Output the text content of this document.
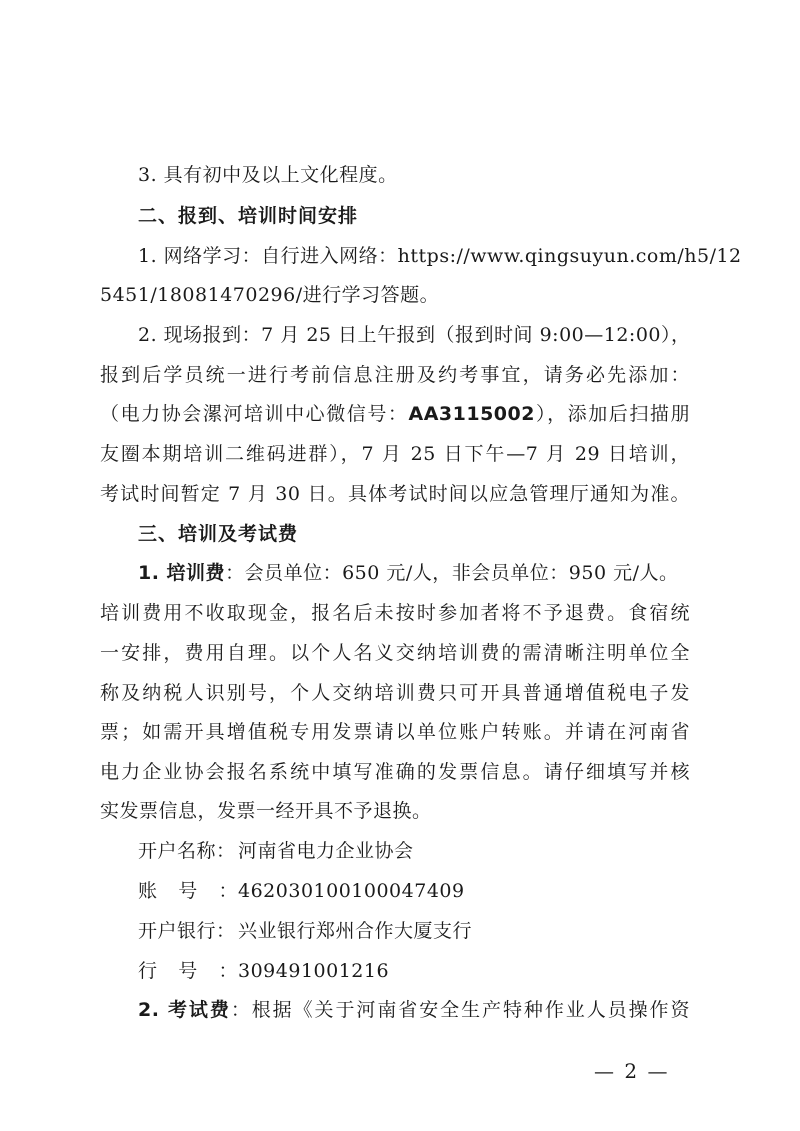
3. 具有初中及以上文化程度。
二、报到、培训时间安排
1. 网络学习：自行进入网络：https://www.qingsuyun.com/h5/12
5451/18081470296/进行学习答题。
2. 现场报到：7 月 25 日上午报到（报到时间 9:00—12:00），
报到后学员统一进行考前信息注册及约考事宜，请务必先添加：
（电力协会漯河培训中心微信号：AA3115002），添加后扫描朋
友圈本期培训二维码进群），7 月 25 日下午—7 月 29 日培训，
考试时间暂定 7 月 30 日。具体考试时间以应急管理厅通知为准。
三、培训及考试费
1. 培训费：会员单位：650 元/人，非会员单位：950 元/人。
培训费用不收取现金，报名后未按时参加者将不予退费。食宿统
一安排，费用自理。以个人名义交纳培训费的需清晰注明单位全
称及纳税人识别号，个人交纳培训费只可开具普通增值税电子发
票；如需开具增值税专用发票请以单位账户转账。并请在河南省
电力企业协会报名系统中填写准确的发票信息。请仔细填写并核
实发票信息，发票一经开具不予退换。
开户名称： 河南省电力企业协会
账号：462030100100047409
开户银行： 兴业银行郑州合作大厦支行
行号：309491001216
2. 考试费：根据《关于河南省安全生产特种作业人员操作资
— 2 —
